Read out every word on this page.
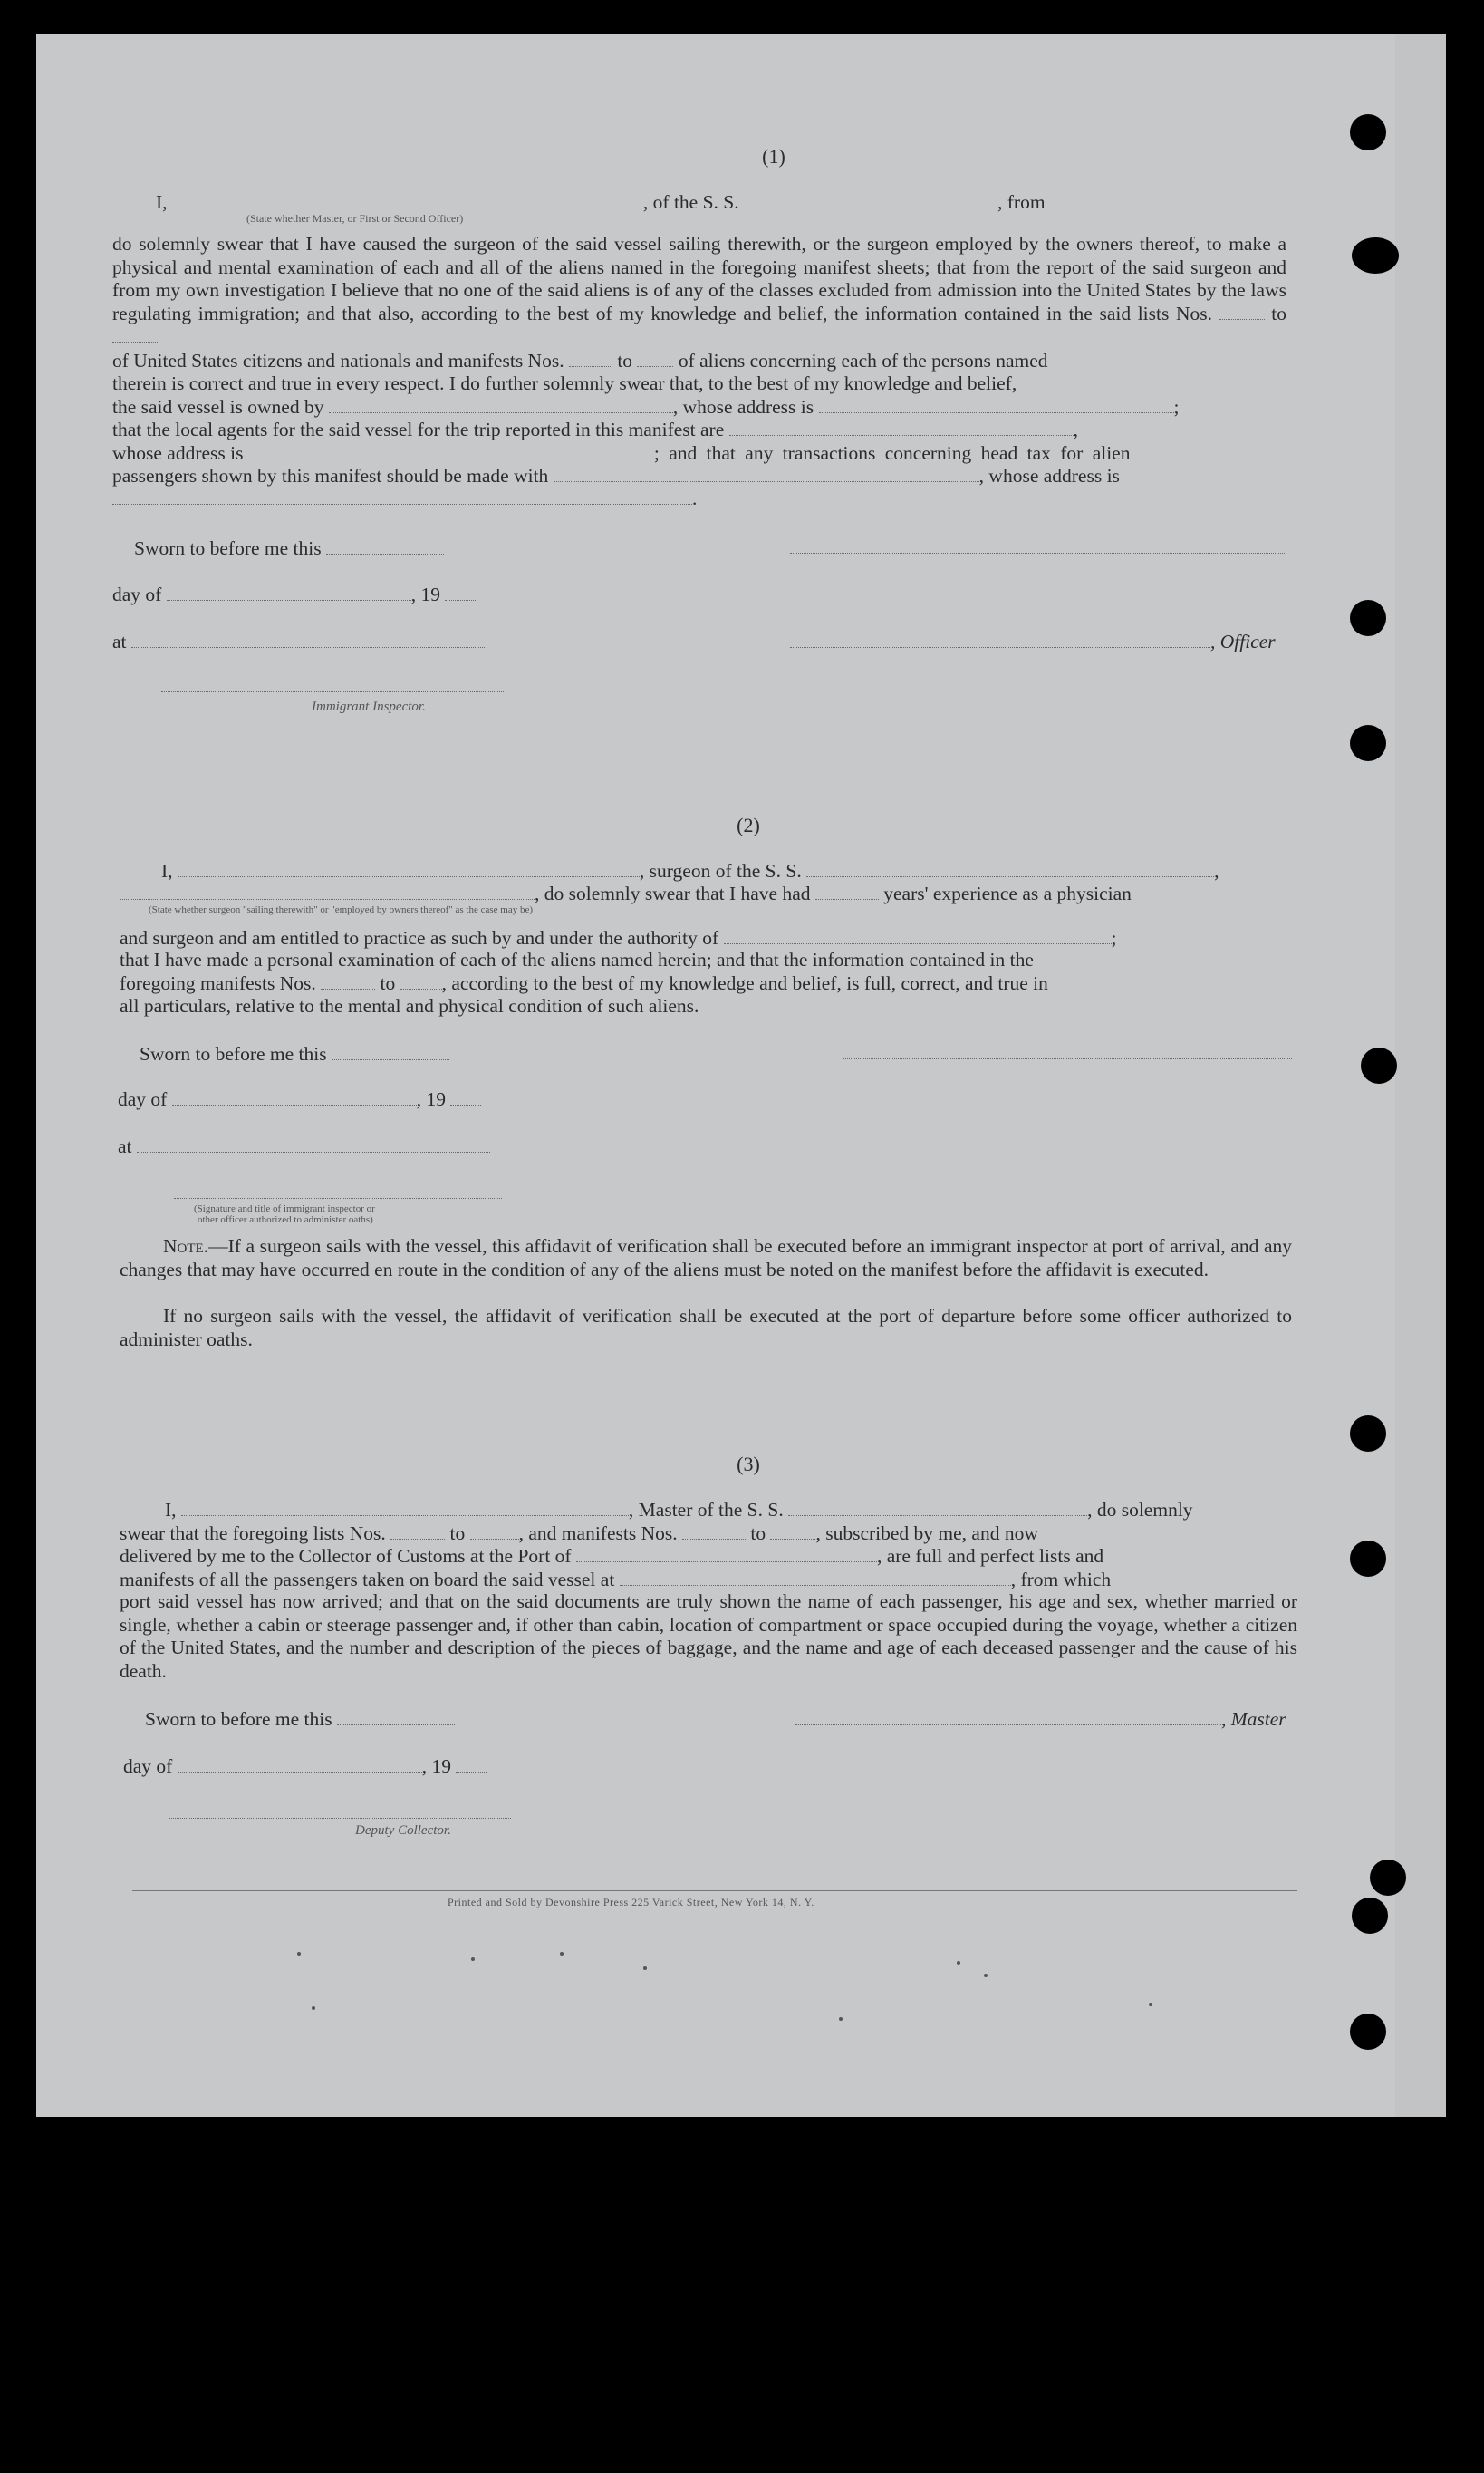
(1)
I,	, of the S. S.	, from
(State whether Master, or First or Second Officer)
do solemnly swear that I have caused the surgeon of the said vessel sailing therewith, or the surgeon employed by the owners thereof, to make a physical and mental examination of each and all of the aliens named in the foregoing manifest sheets; that from the report of the said surgeon and from my own investigation I believe that no one of the said aliens is of any of the classes excluded from admission into the United States by the laws regulating immigration; and that also, according to the best of my knowledge and belief, the information contained in the said lists Nos.	to
of United States citizens and nationals and manifests Nos.	to of aliens concerning each of the persons named
therein is correct and true in every respect. I do further solemnly swear that, to the best of my knowledge and belief,
the said vessel is owned by	, whose address is	;
that the local agents for the said vessel for the trip reported in this manifest are	,
whose address is	; and that any transactions concerning head tax for alien
passengers shown by this manifest should be made with	, whose address is
.
Sworn to before me this
day of	, 19
at	, Officer
Immigrant Inspector.
(2)
I,	, surgeon of the S. S.	,
, do solemnly swear that I have had	years' experience as a physician
(State whether surgeon "sailing therewith" or "employed by owners thereof" as the case may be)
and surgeon and am entitled to practice as such by and under the authority of	;
that I have made a personal examination of each of the aliens named herein; and that the information contained in the
foregoing manifests Nos.	to , according to the best of my knowledge and belief, is full, correct, and true in
all particulars, relative to the mental and physical condition of such aliens.
Sworn to before me this
day of	, 19
at
(Signature and title of immigrant inspector or
other officer authorized to administer oaths)
Note.—If a surgeon sails with the vessel, this affidavit of verification shall be executed before an immigrant inspector at port of arrival, and any changes that may have occurred en route in the condition of any of the aliens must be noted on the manifest before the affidavit is executed.
If no surgeon sails with the vessel, the affidavit of verification shall be executed at the port of departure before some officer authorized to administer oaths.
(3)
I,	, Master of the S. S.	, do solemnly
swear that the foregoing lists Nos.	to	, and manifests Nos.	to	, subscribed by me, and now
delivered by me to the Collector of Customs at the Port of	, are full and perfect lists and
manifests of all the passengers taken on board the said vessel at	, from which
port said vessel has now arrived; and that on the said documents are truly shown the name of each passenger, his age and sex, whether married or single, whether a cabin or steerage passenger and, if other than cabin, location of compartment or space occupied during the voyage, whether a citizen of the United States, and the number and description of the pieces of baggage, and the name and age of each deceased passenger and the cause of his death.
Sworn to before me this	, Master
day of	, 19
Deputy Collector.
Printed and Sold by Devonshire Press 225 Varick Street, New York 14, N. Y.
